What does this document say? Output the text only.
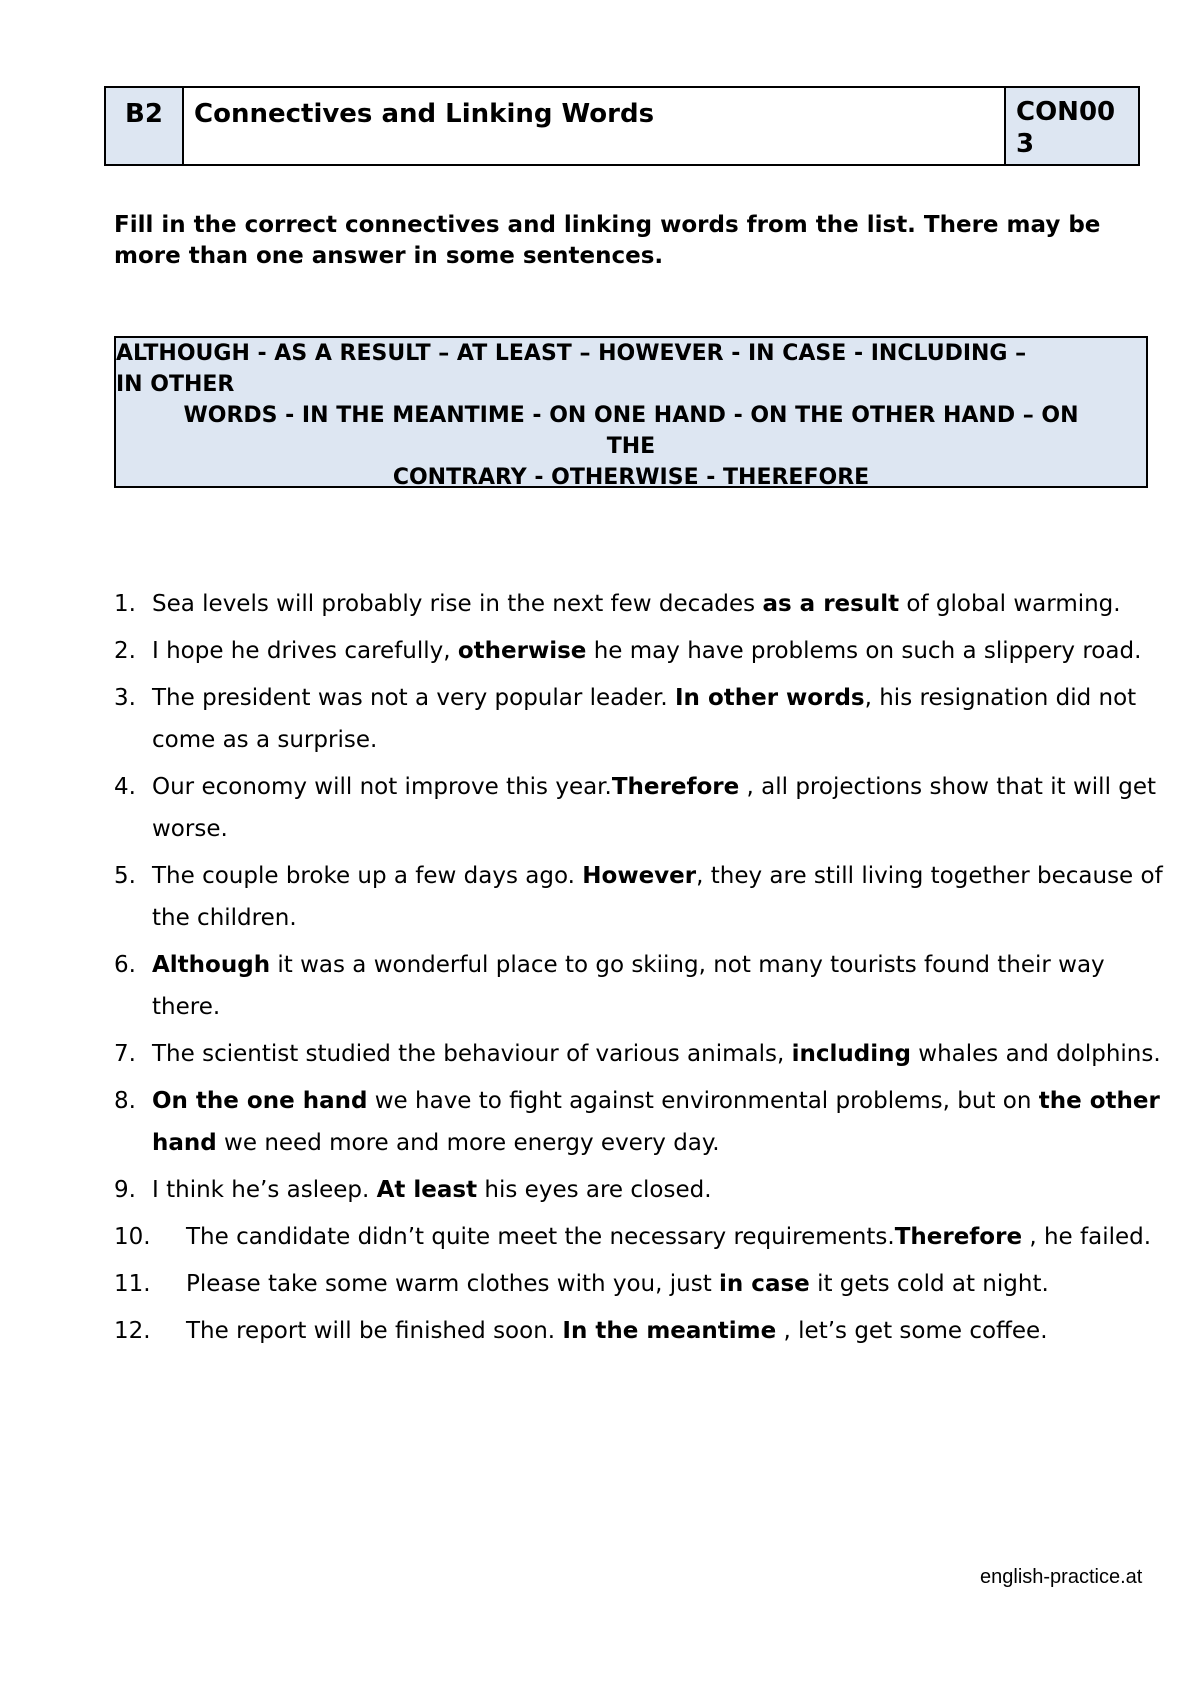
B2	Connectives and Linking Words	CON003
Fill in the correct connectives and linking words from the list. There may be more than one answer in some sentences.
ALTHOUGH - AS A RESULT – AT LEAST – HOWEVER - IN CASE - INCLUDING –
IN OTHER
WORDS - IN THE MEANTIME - ON ONE HAND - ON THE OTHER HAND – ON
THE
CONTRARY - OTHERWISE - THEREFORE
1. Sea levels will probably rise in the next few decades as a result of global warming.
2. I hope he drives carefully, otherwise he may have problems on such a slippery road.
3. The president was not a very popular leader. In other words, his resignation did not come as a surprise.
4. Our economy will not improve this year.Therefore , all projections show that it will get worse.
5. The couple broke up a few days ago. However, they are still living together because of the children.
6. Although it was a wonderful place to go skiing, not many tourists found their way there.
7. The scientist studied the behaviour of various animals, including whales and dolphins.
8. On the one hand we have to fight against environmental problems, but on the other hand we need more and more energy every day.
9. I think he’s asleep. At least his eyes are closed.
10.	The candidate didn’t quite meet the necessary requirements.Therefore , he failed.
11.	Please take some warm clothes with you, just in case it gets cold at night.
12.	The report will be finished soon. In the meantime , let’s get some coffee.
english-practice.at
